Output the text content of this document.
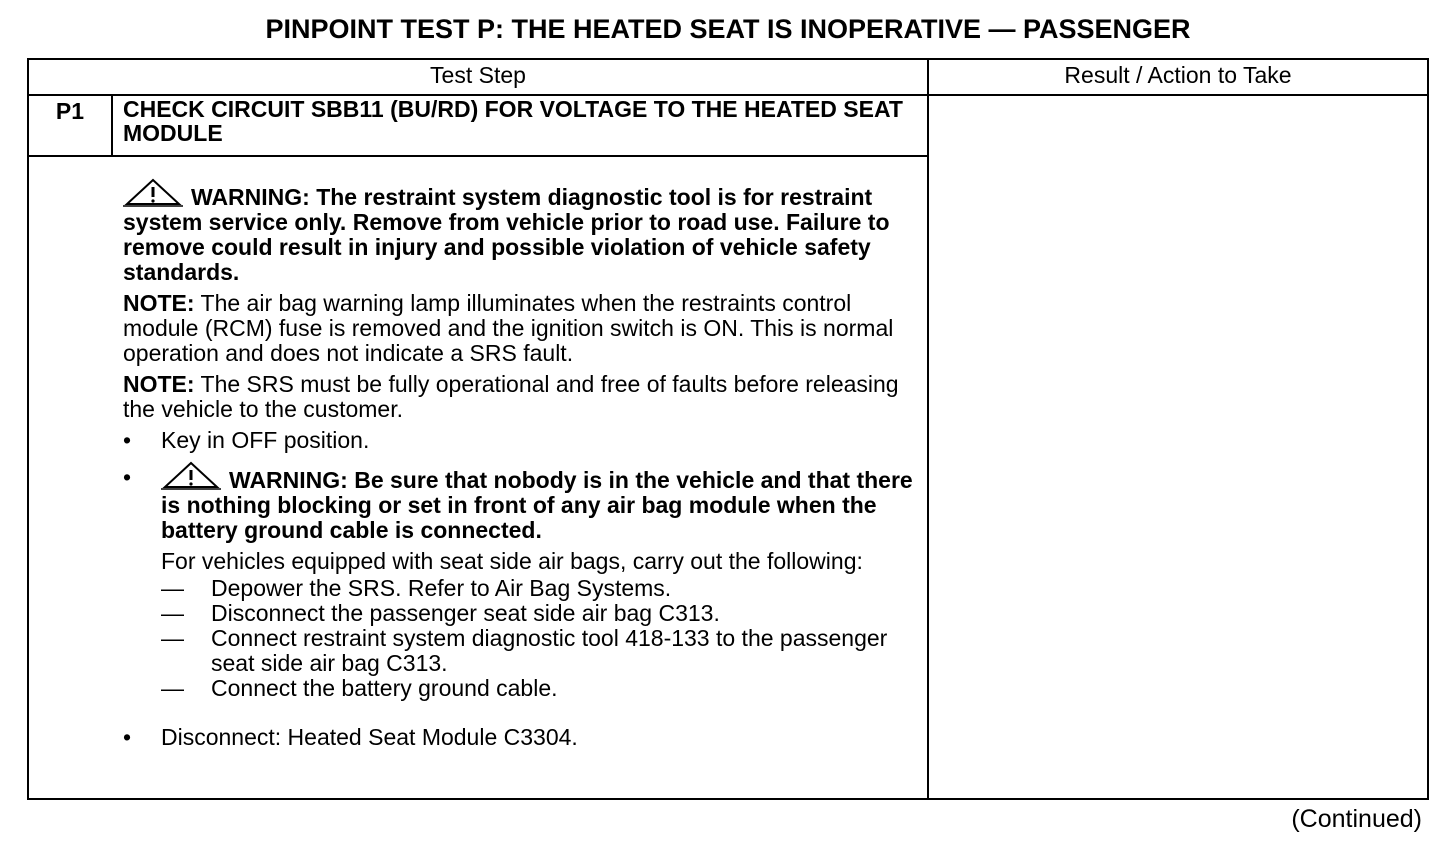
PINPOINT TEST P: THE HEATED SEAT IS INOPERATIVE — PASSENGER
Test Step	Result / Action to Take
P1	CHECK CIRCUIT SBB11 (BU/RD) FOR VOLTAGE TO THE HEATED SEAT MODULE
WARNING: The restraint system diagnostic tool is for restraint system service only. Remove from vehicle prior to road use. Failure to remove could result in injury and possible violation of vehicle safety standards.
NOTE: The air bag warning lamp illuminates when the restraints control module (RCM) fuse is removed and the ignition switch is ON. This is normal operation and does not indicate a SRS fault.
NOTE: The SRS must be fully operational and free of faults before releasing the vehicle to the customer.
• Key in OFF position.
•	WARNING: Be sure that nobody is in the vehicle and that there is nothing blocking or set in front of any air bag module when the battery ground cable is connected.
For vehicles equipped with seat side air bags, carry out the following:
— Depower the SRS. Refer to Air Bag Systems.
— Disconnect the passenger seat side air bag C313.
— Connect restraint system diagnostic tool 418-133 to the passenger seat side air bag C313.
— Connect the battery ground cable.
• Disconnect: Heated Seat Module C3304.
(Continued)
